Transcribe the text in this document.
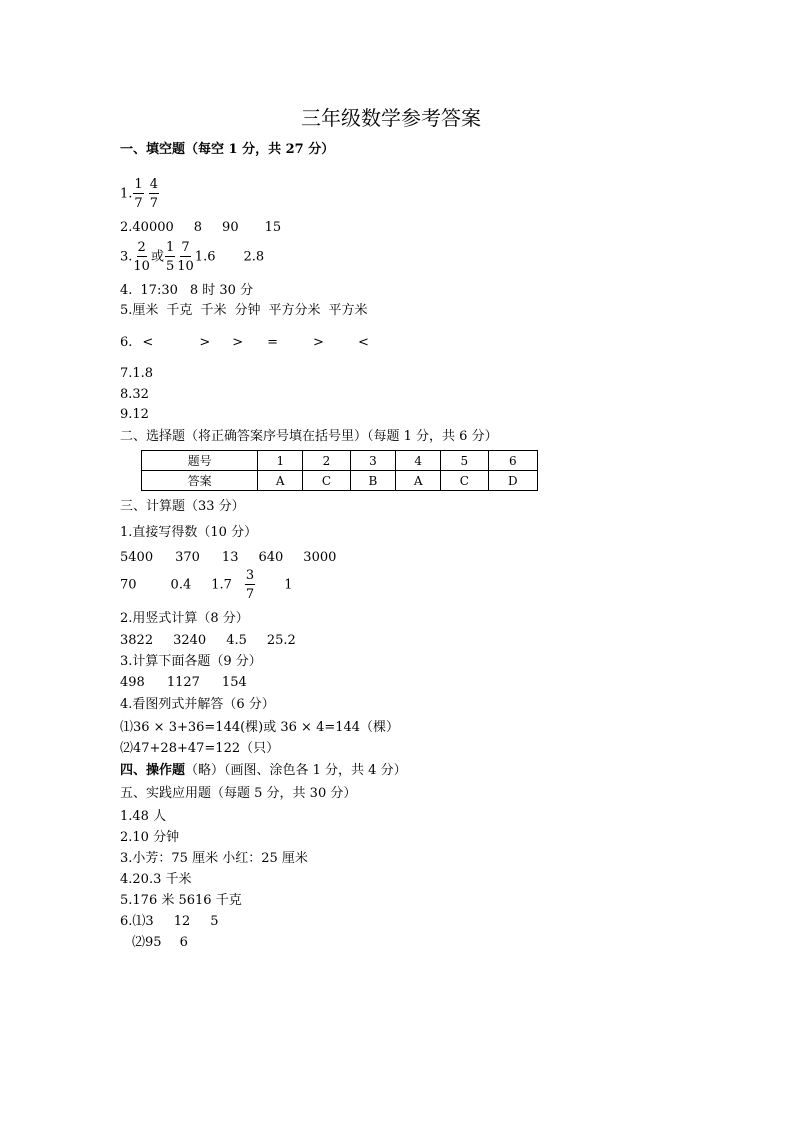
三年级数学参考答案
一、填空题（每空 1 分，共 27 分）
1. $\frac{1}{7} \frac{4}{7}$
2.40000 8 90 15
3. $\frac{2}{10}$ 或 $\frac{1}{5} \frac{7}{10} 1.6$ 2.8
4. 17:30 8 时 30 分
5.厘米 千克 千米 分钟 平方分米 平方米
6. <	> > =	>	<
7.1.8
8.32
9.12
二、选择题（将正确答案序号填在括号里）（每题 1 分，共 6 分）
题号	1	2	3	4	5	6
答案	A	C	B	A	C	D
三、计算题（33 分）
1.直接写得数（10 分）
5400 370 13 640 3000
70	0.4 $1.7 \frac{3}{7} 1$
2.用竖式计算（8 分）
3822 3240 4.5 25.2
3.计算下面各题（9 分）
498 1127 154
4.看图列式并解答（6 分）
⑴36 × 3+36=144(棵)或 36 × 4=144（棵）
⑵47+28+47=122（只）
四、操作题（略）（画图、涂色各 1 分，共 4 分）
五、实践应用题（每题 5 分，共 30 分）
1.48 人
2.10 分钟
3.小芳：75 厘米 小红：25 厘米
4.20.3 千米
5.176 米 5616 千克
6.⑴3 12 5
⑵95 6
